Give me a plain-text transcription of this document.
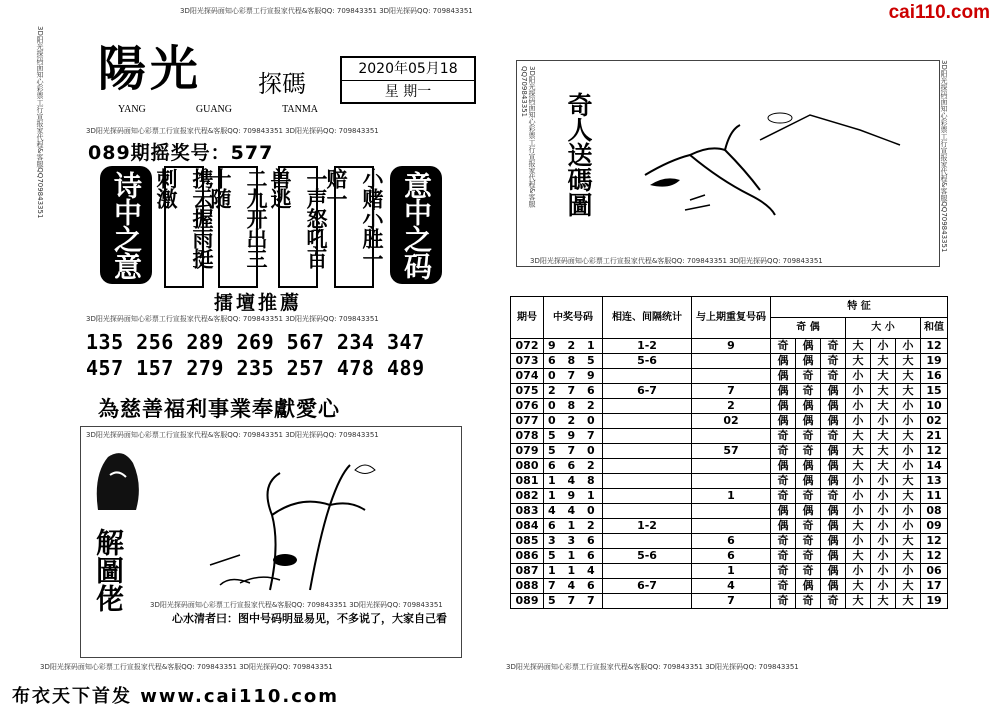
cai110.com
3D阳光探码面知心彩票工行宣报家代程&客服QQ709843351
3D阳光探码面知心彩票工行宣报家代程&客服QQ: 709843351 3D阳光探码QQ: 709843351
陽光 探碼
YANG	GUANG	TANMA
2020年05月18
星 期一
3D阳光探码面知心彩票工行宣报家代程&客服QQ: 709843351 3D阳光探码QQ: 709843351
089期摇奖号：577
诗中之意	携云握雨挺刺激	二九开出三十随	一声怒吼百兽逃	小赌小胜一赔一	意中之码
擂壇推薦
3D阳光探码面知心彩票工行宣报家代程&客服QQ: 709843351 3D阳光探码QQ: 709843351
135 256 289 269 567 234 347
457 157 279 235 257 478 489
為慈善福利事業奉獻愛心
3D阳光探码面知心彩票工行宣报家代程&客服QQ: 709843351 3D阳光探码QQ: 709843351
3D阳光探码面知心彩票工行宣报家代程&客服QQ: 709843351 3D阳光探码QQ: 709843351
解圖佬
心水清者曰：图中号码明显易见，不多说了，大家自己看
3D阳光探码面知心彩票工行宣报家代程&客服QQ: 709843351 3D阳光探码QQ: 709843351
3D阳光探码面知心彩票工行宣报家代程&客服QQ709843351	3D阳光探码面知心彩票工行宣报家代程&客服QQ709843351
奇人送碼圖
期号	中奖号码	相连、间隔统计	与上期重复号码	特 征						
				奇 偶			大 小			和值
072	9 2 1	1-2	9	奇	偶	奇	大	小	小	12
073	6 8 5	5-6		偶	偶	奇	大	大	大	19
074	0 7 9			偶	奇	奇	小	大	大	16
075	2 7 6	6-7	7	偶	奇	偶	小	大	大	15
076	0 8 2		2	偶	偶	偶	小	大	小	10
077	0 2 0		02	偶	偶	偶	小	小	小	02
078	5 9 7			奇	奇	奇	大	大	大	21
079	5 7 0		57	奇	奇	偶	大	大	小	12
080	6 6 2			偶	偶	偶	大	大	小	14
081	1 4 8			奇	偶	偶	小	小	大	13
082	1 9 1		1	奇	奇	奇	小	小	大	11
083	4 4 0			偶	偶	偶	小	小	小	08
084	6 1 2	1-2		偶	奇	偶	大	小	小	09
085	3 3 6		6	奇	奇	偶	小	小	大	12
086	5 1 6	5-6	6	奇	奇	偶	大	小	大	12
087	1 1 4		1	奇	奇	偶	小	小	小	06
088	7 4 6	6-7	4	奇	偶	偶	大	小	大	17
089	5 7 7		7	奇	奇	奇	大	大	大	19
3D阳光探码面知心彩票工行宣报家代程&客服QQ: 709843351 3D阳光探码QQ: 709843351
3D阳光探码面知心彩票工行宣报家代程&客服QQ: 709843351 3D阳光探码QQ: 709843351
布衣天下首发 www.cai110.com
